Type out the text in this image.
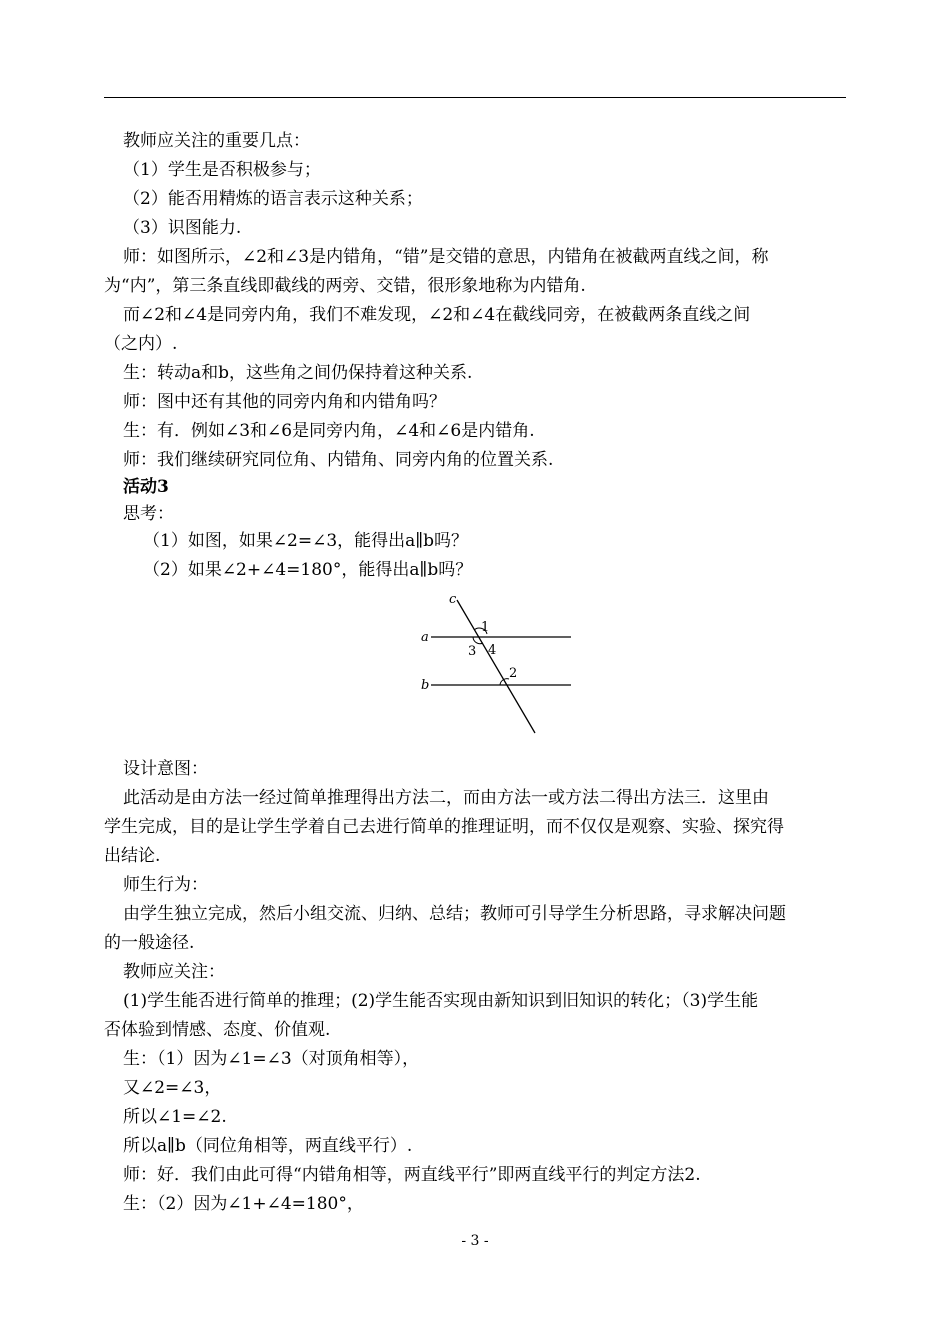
教师应关注的重要几点：
（1）学生是否积极参与；
（2）能否用精炼的语言表示这种关系；
（3）识图能力.
师：如图所示，∠2和∠3是内错角，“错”是交错的意思，内错角在被截两直线之间，称
为“内”，第三条直线即截线的两旁、交错，很形象地称为内错角.
而∠2和∠4是同旁内角，我们不难发现，∠2和∠4在截线同旁，在被截两条直线之间
（之内）.
生：转动a和b，这些角之间仍保持着这种关系.
师：图中还有其他的同旁内角和内错角吗？
生：有．例如∠3和∠6是同旁内角，∠4和∠6是内错角.
师：我们继续研究同位角、内错角、同旁内角的位置关系.
活动3
思考：
（1）如图，如果∠2=∠3，能得出a∥b吗？
（2）如果∠2+∠4=180°，能得出a∥b吗？
设计意图：
此活动是由方法一经过简单推理得出方法二，而由方法一或方法二得出方法三．这里由
学生完成，目的是让学生学着自己去进行简单的推理证明，而不仅仅是观察、实验、探究得
出结论.
师生行为：
由学生独立完成，然后小组交流、归纳、总结；教师可引导学生分析思路，寻求解决问题
的一般途径.
教师应关注：
(1)学生能否进行简单的推理；(2)学生能否实现由新知识到旧知识的转化；（3)学生能
否体验到情感、态度、价值观.
生：（1）因为∠1=∠3（对顶角相等），
又∠2=∠3，
所以∠1=∠2.
所以a∥b（同位角相等，两直线平行）.
师：好．我们由此可得“内错角相等，两直线平行”即两直线平行的判定方法2.
生：（2）因为∠1+∠4=180°，
c
a
b
1
3 4
2
- 3 -
